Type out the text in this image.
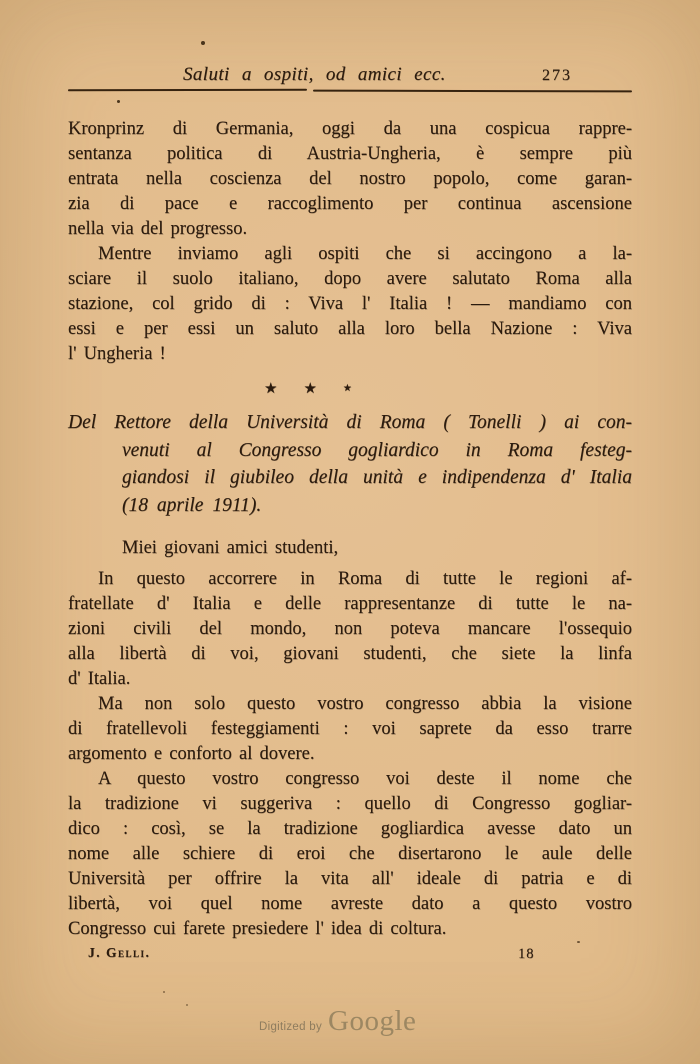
Saluti a ospiti, od amici ecc.	273
Kronprinz di Germania, oggi da una cospicua rappre-
sentanza politica di Austria-Ungheria, è sempre più
entrata nella coscienza del nostro popolo, come garan-
zia di pace e raccoglimento per continua ascensione
nella via del progresso.
Mentre inviamo agli ospiti che si accingono a la-
sciare il suolo italiano, dopo avere salutato Roma alla
stazione, col grido di : Viva l' Italia ! — mandiamo con
essi e per essi un saluto alla loro bella Nazione : Viva
l' Ungheria !
★ ★	★
Del Rettore della Università di Roma ( Tonelli ) ai con-
venuti al Congresso gogliardico in Roma festeg-
giandosi il giubileo della unità e indipendenza d' Italia
(18 aprile 1911).
Miei giovani amici studenti,
In questo accorrere in Roma di tutte le regioni af-
fratellate d' Italia e delle rappresentanze di tutte le na-
zioni civili del mondo, non poteva mancare l'ossequio
alla libertà di voi, giovani studenti, che siete la linfa
d' Italia.
Ma non solo questo vostro congresso abbia la visione
di fratellevoli festeggiamenti : voi saprete da esso trarre
argomento e conforto al dovere.
A questo vostro congresso voi deste il nome che
la tradizione vi suggeriva : quello di Congresso gogliar-
dico : così, se la tradizione gogliardica avesse dato un
nome alle schiere di eroi che disertarono le aule delle
Università per offrire la vita all' ideale di patria e di
libertà, voi quel nome avreste dato a questo vostro
Congresso cui farete presiedere l' idea di coltura.
J. Gelli.	18
Digitized by Google
